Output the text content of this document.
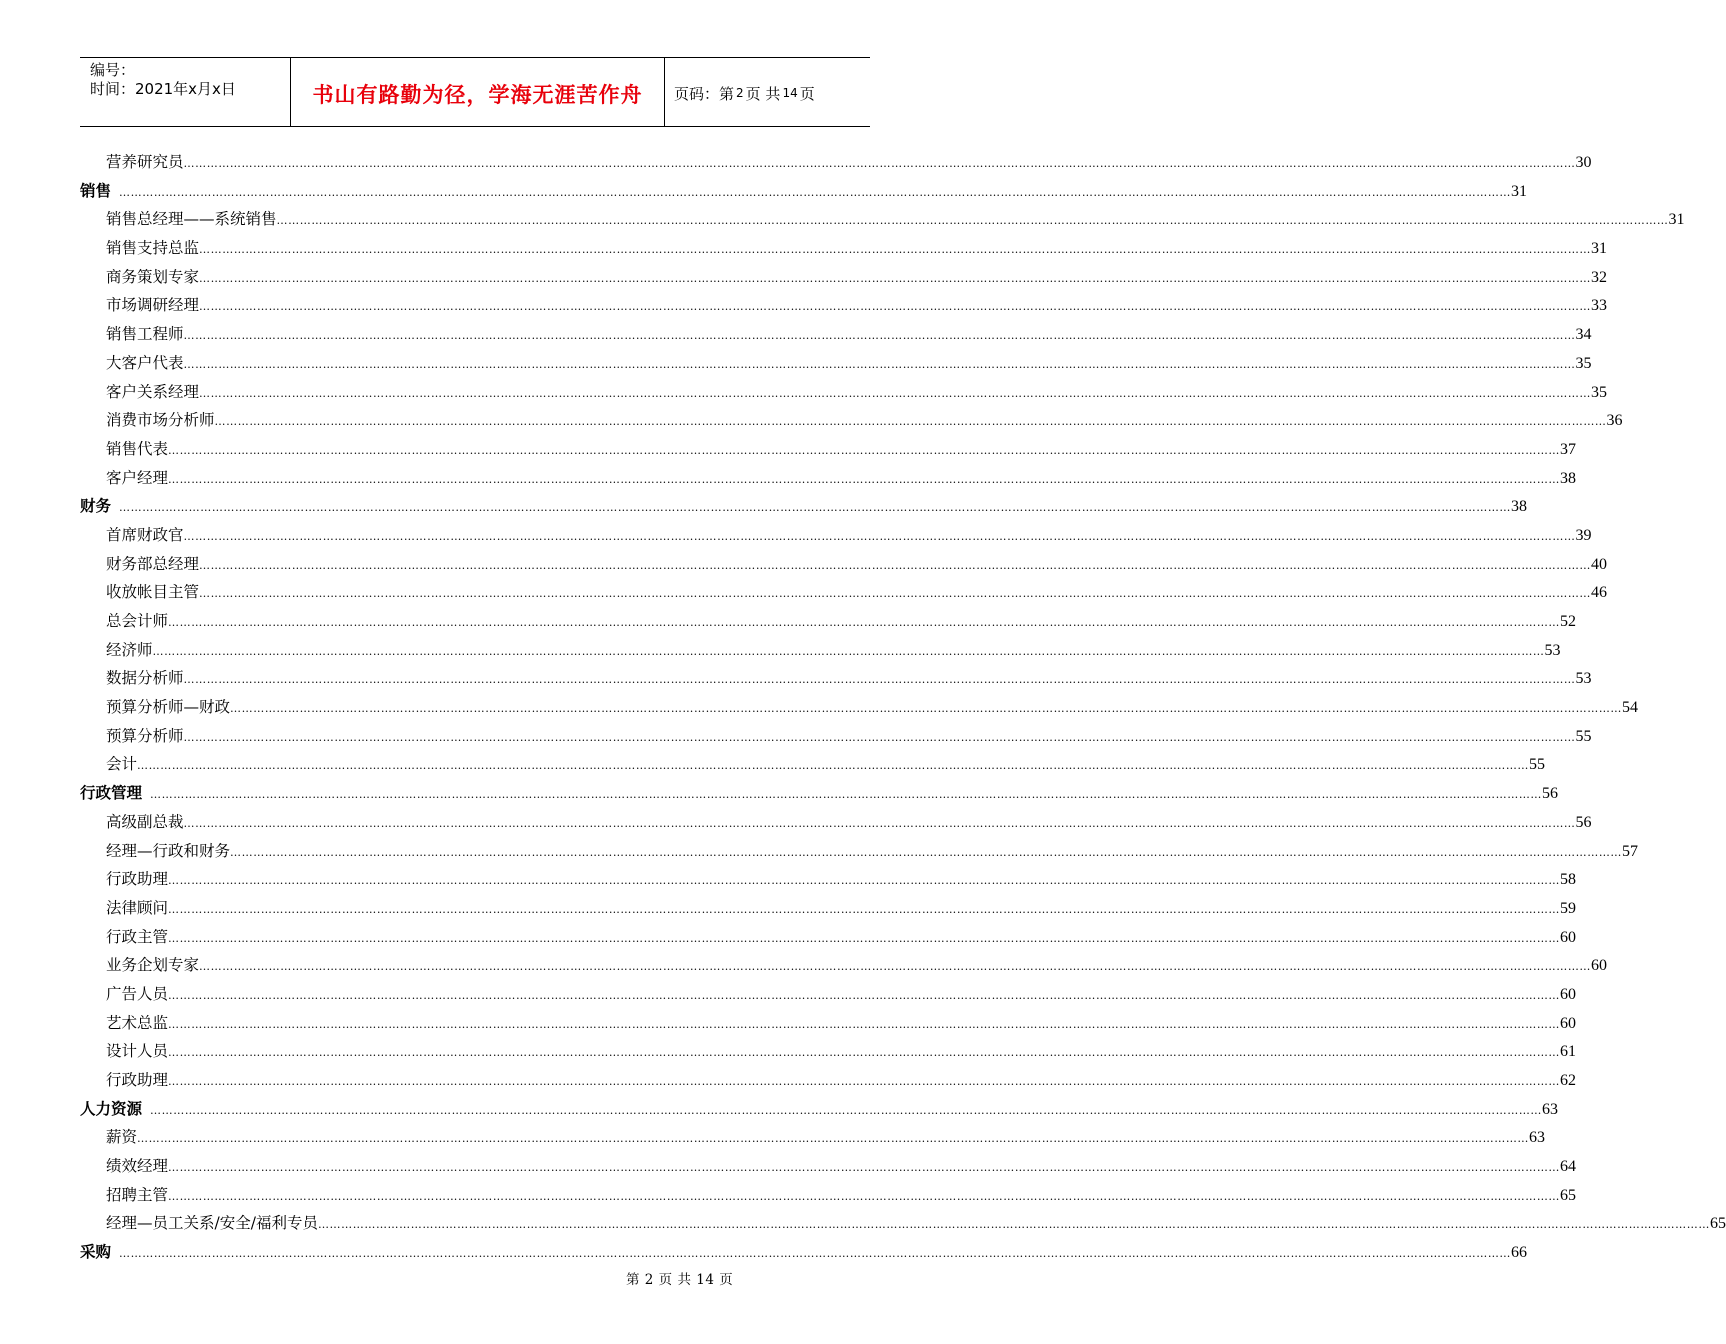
编号：
时间：2021年x月x日	书山有路勤为径，学海无涯苦作舟	页码：第 2 页 共 14 页
营养研究员 ……………………………………………………………………………………………………………………………………………………………………………………………………………………………………………………………………………………………………………………………… 30
销售 ……………………………………………………………………………………………………………………………………………………………………………………………………………………………………………………………………………………………………………………………… 31
销售总经理——系统销售 ……………………………………………………………………………………………………………………………………………………………………………………………………………………………………………………………………………………………………………………………… 31
销售支持总监 ……………………………………………………………………………………………………………………………………………………………………………………………………………………………………………………………………………………………………………………………… 31
商务策划专家 ……………………………………………………………………………………………………………………………………………………………………………………………………………………………………………………………………………………………………………………………… 32
市场调研经理 ……………………………………………………………………………………………………………………………………………………………………………………………………………………………………………………………………………………………………………………………… 33
销售工程师 ……………………………………………………………………………………………………………………………………………………………………………………………………………………………………………………………………………………………………………………………… 34
大客户代表 ……………………………………………………………………………………………………………………………………………………………………………………………………………………………………………………………………………………………………………………………… 35
客户关系经理 ……………………………………………………………………………………………………………………………………………………………………………………………………………………………………………………………………………………………………………………………… 35
消费市场分析师 ……………………………………………………………………………………………………………………………………………………………………………………………………………………………………………………………………………………………………………………………… 36
销售代表 ……………………………………………………………………………………………………………………………………………………………………………………………………………………………………………………………………………………………………………………………… 37
客户经理 ……………………………………………………………………………………………………………………………………………………………………………………………………………………………………………………………………………………………………………………………… 38
财务 ……………………………………………………………………………………………………………………………………………………………………………………………………………………………………………………………………………………………………………………………… 38
首席财政官 ……………………………………………………………………………………………………………………………………………………………………………………………………………………………………………………………………………………………………………………………… 39
财务部总经理 ……………………………………………………………………………………………………………………………………………………………………………………………………………………………………………………………………………………………………………………………… 40
收放帐目主管 ……………………………………………………………………………………………………………………………………………………………………………………………………………………………………………………………………………………………………………………………… 46
总会计师 ……………………………………………………………………………………………………………………………………………………………………………………………………………………………………………………………………………………………………………………………… 52
经济师 ……………………………………………………………………………………………………………………………………………………………………………………………………………………………………………………………………………………………………………………………… 53
数据分析师 ……………………………………………………………………………………………………………………………………………………………………………………………………………………………………………………………………………………………………………………………… 53
预算分析师—财政 ……………………………………………………………………………………………………………………………………………………………………………………………………………………………………………………………………………………………………………………………… 54
预算分析师 ……………………………………………………………………………………………………………………………………………………………………………………………………………………………………………………………………………………………………………………………… 55
会计 ……………………………………………………………………………………………………………………………………………………………………………………………………………………………………………………………………………………………………………………………… 55
行政管理 ……………………………………………………………………………………………………………………………………………………………………………………………………………………………………………………………………………………………………………………………… 56
高级副总裁 ……………………………………………………………………………………………………………………………………………………………………………………………………………………………………………………………………………………………………………………………… 56
经理—行政和财务 ……………………………………………………………………………………………………………………………………………………………………………………………………………………………………………………………………………………………………………………………… 57
行政助理 ……………………………………………………………………………………………………………………………………………………………………………………………………………………………………………………………………………………………………………………………… 58
法律顾问 ……………………………………………………………………………………………………………………………………………………………………………………………………………………………………………………………………………………………………………………………… 59
行政主管 ……………………………………………………………………………………………………………………………………………………………………………………………………………………………………………………………………………………………………………………………… 60
业务企划专家 ……………………………………………………………………………………………………………………………………………………………………………………………………………………………………………………………………………………………………………………………… 60
广告人员 ……………………………………………………………………………………………………………………………………………………………………………………………………………………………………………………………………………………………………………………………… 60
艺术总监 ……………………………………………………………………………………………………………………………………………………………………………………………………………………………………………………………………………………………………………………………… 60
设计人员 ……………………………………………………………………………………………………………………………………………………………………………………………………………………………………………………………………………………………………………………………… 61
行政助理 ……………………………………………………………………………………………………………………………………………………………………………………………………………………………………………………………………………………………………………………………… 62
人力资源 ……………………………………………………………………………………………………………………………………………………………………………………………………………………………………………………………………………………………………………………………… 63
薪资 ……………………………………………………………………………………………………………………………………………………………………………………………………………………………………………………………………………………………………………………………… 63
绩效经理 ……………………………………………………………………………………………………………………………………………………………………………………………………………………………………………………………………………………………………………………………… 64
招聘主管 ……………………………………………………………………………………………………………………………………………………………………………………………………………………………………………………………………………………………………………………………… 65
经理—员工关系/安全/福利专员 ……………………………………………………………………………………………………………………………………………………………………………………………………………………………………………………………………………………………………………………………… 65
采购 ……………………………………………………………………………………………………………………………………………………………………………………………………………………………………………………………………………………………………………………………… 66
第 2 页 共 14 页
